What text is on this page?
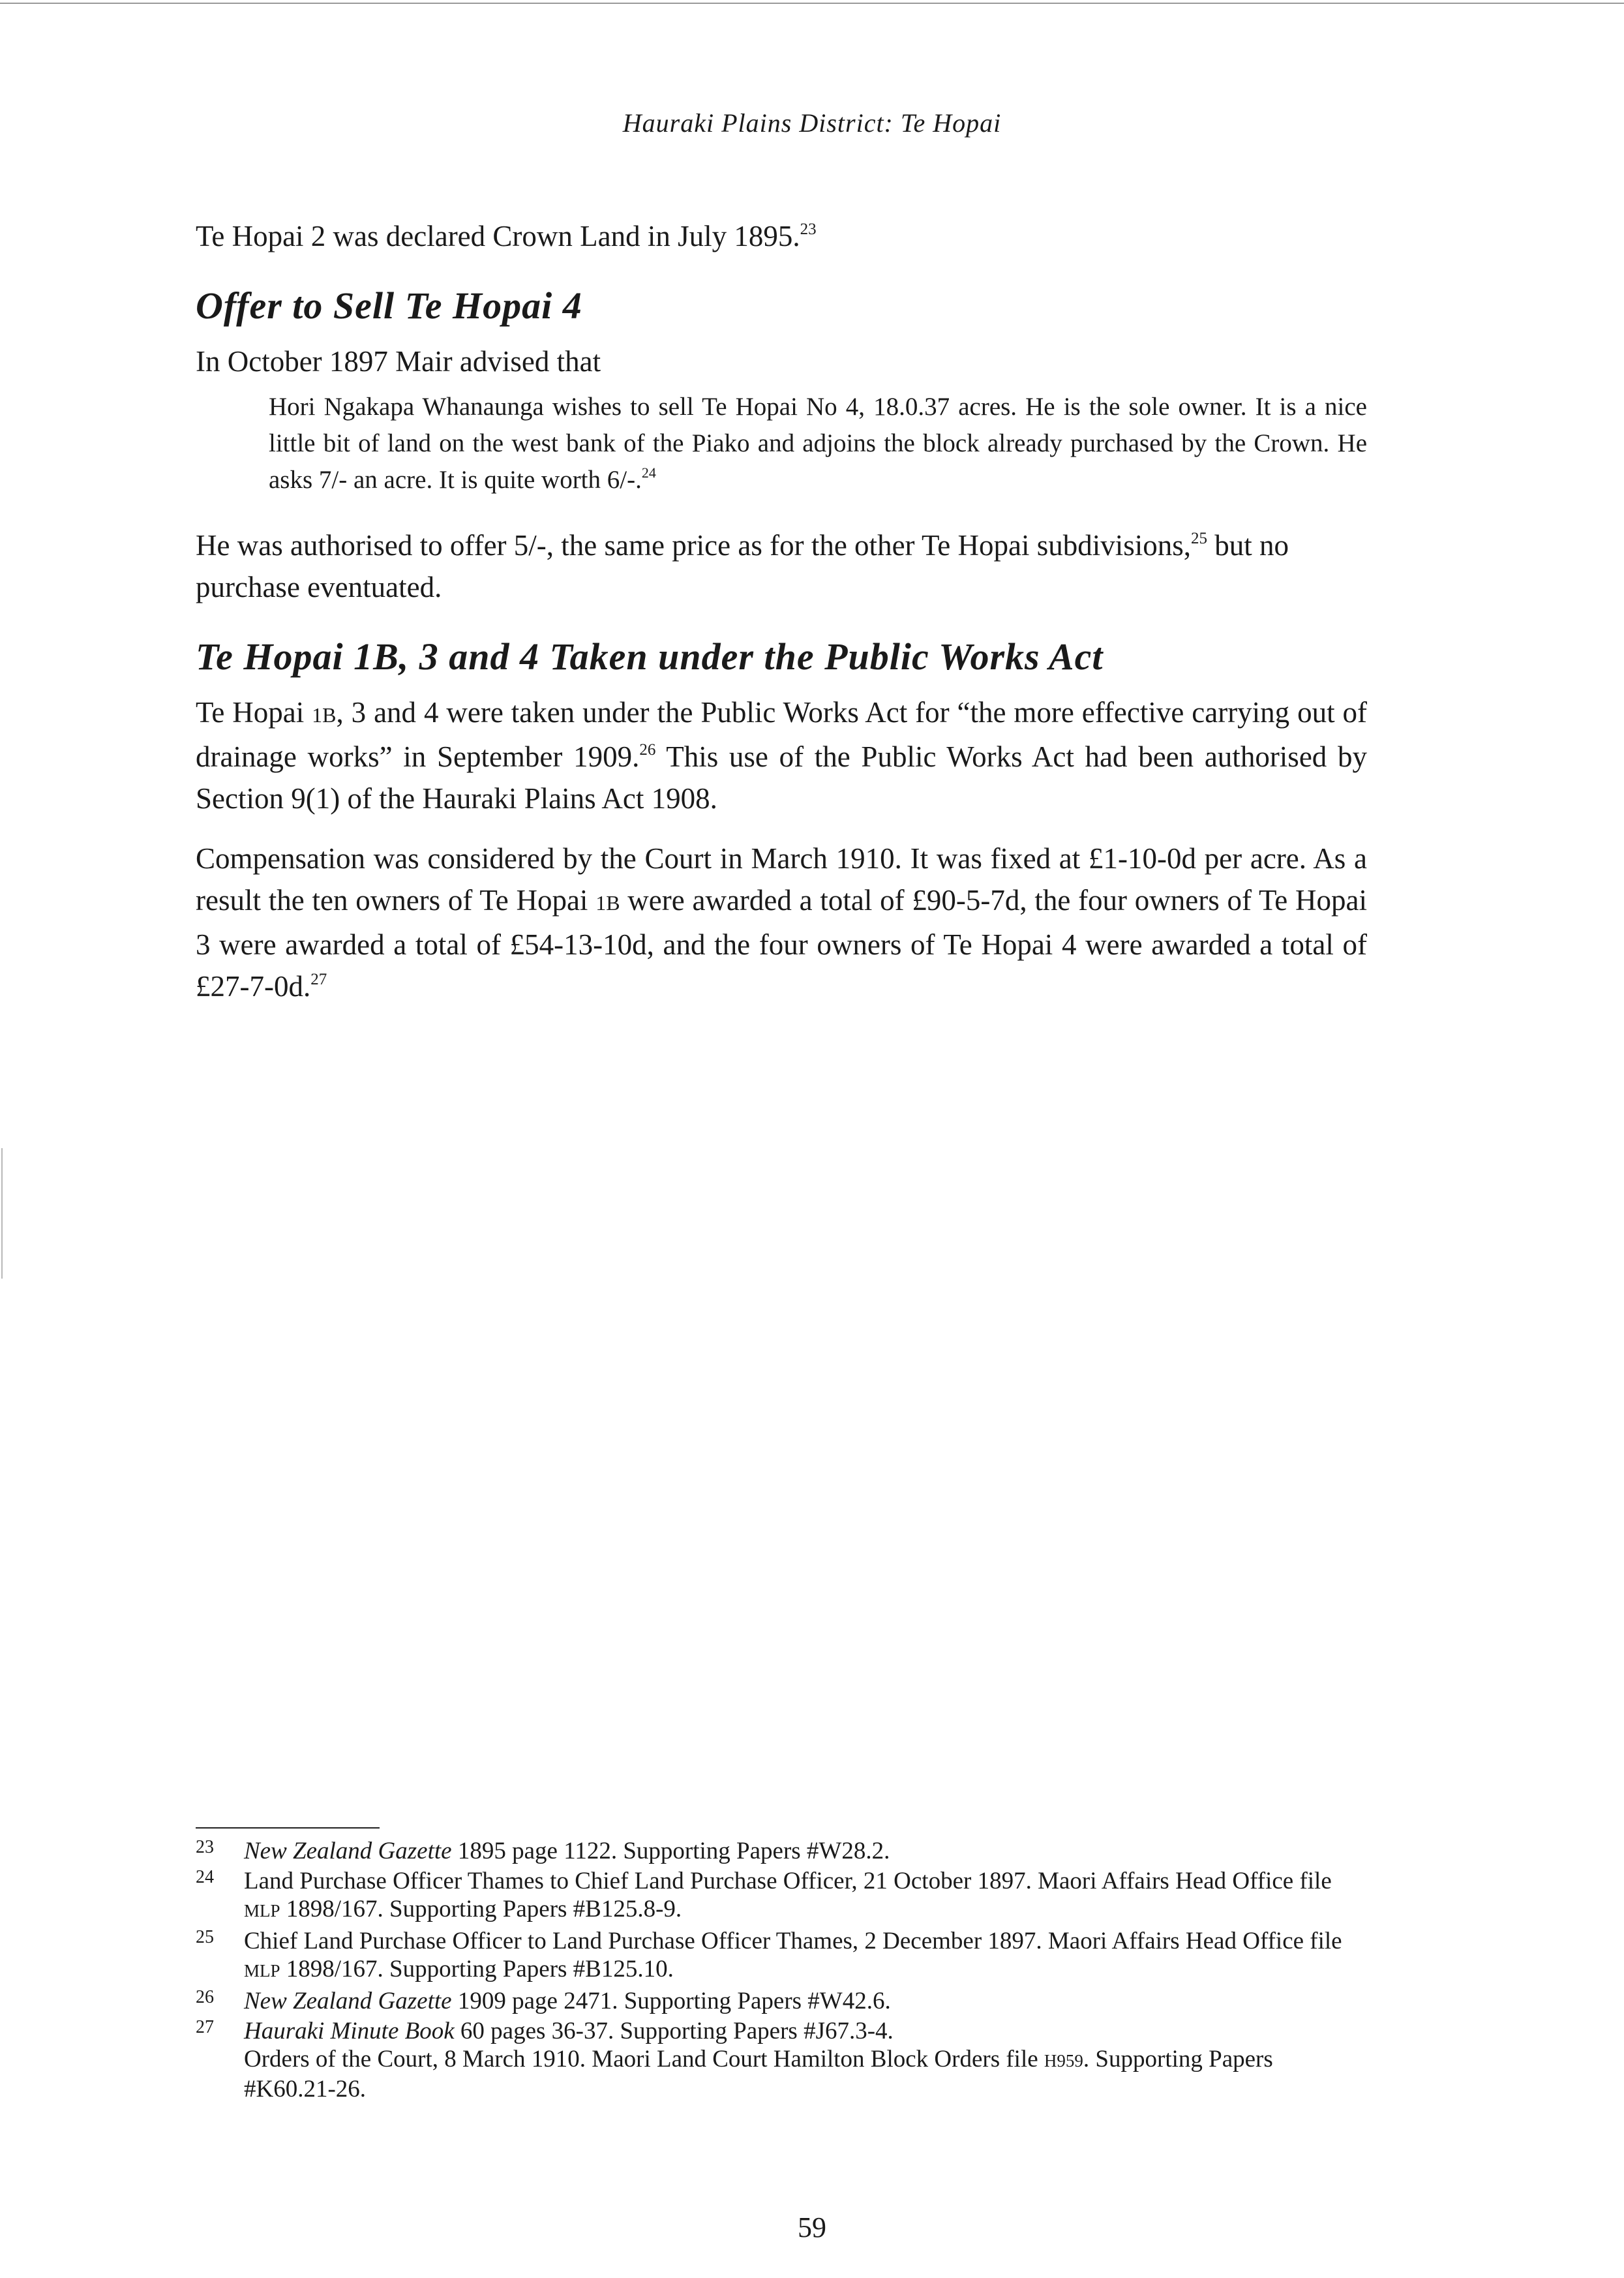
Hauraki Plains District: Te Hopai

Te Hopai 2 was declared Crown Land in July 1895.23

Offer to Sell Te Hopai 4

In October 1897 Mair advised that

Hori Ngakapa Whanaunga wishes to sell Te Hopai No 4, 18.0.37 acres. He is the sole owner. It is a nice little bit of land on the west bank of the Piako and adjoins the block already purchased by the Crown. He asks 7/- an acre. It is quite worth 6/-.$^{24}$

He was authorised to offer 5/-, the same price as for the other Te Hopai subdivisions,$^{25}$ but no purchase eventuated.

Te Hopai 1B, 3 and 4 Taken under the Public Works Act

Te Hopai 1B, 3 and 4 were taken under the Public Works Act for “the more effective carrying out of drainage works” in September 1909.26 This use of the Public Works Act had been authorised by Section 9(1) of the Hauraki Plains Act 1908.

Compensation was considered by the Court in March 1910. It was fixed at £1-10-0d per acre. As a result the ten owners of Te Hopai 1B were awarded a total of £90-5-7d, the four owners of Te Hopai 3 were awarded a total of £54-13-10d, and the four owners of Te Hopai 4 were awarded a total of £27-7-0d.$^{27}$

23 New Zealand Gazette 1895 page 1122. Supporting Papers #W28.2.
24 Land Purchase Officer Thames to Chief Land Purchase Officer, 21 October 1897. Maori Affairs Head Office file MLP 1898/167. Supporting Papers #B125.8-9.
25 Chief Land Purchase Officer to Land Purchase Officer Thames, 2 December 1897. Maori Affairs Head Office file MLP 1898/167. Supporting Papers #B125.10.
26 New Zealand Gazette 1909 page 2471. Supporting Papers #W42.6.
27 Hauraki Minute Book 60 pages 36-37. Supporting Papers #J67.3-4.
Orders of the Court, 8 March 1910. Maori Land Court Hamilton Block Orders file H959. Supporting Papers #K60.21-26.
59
